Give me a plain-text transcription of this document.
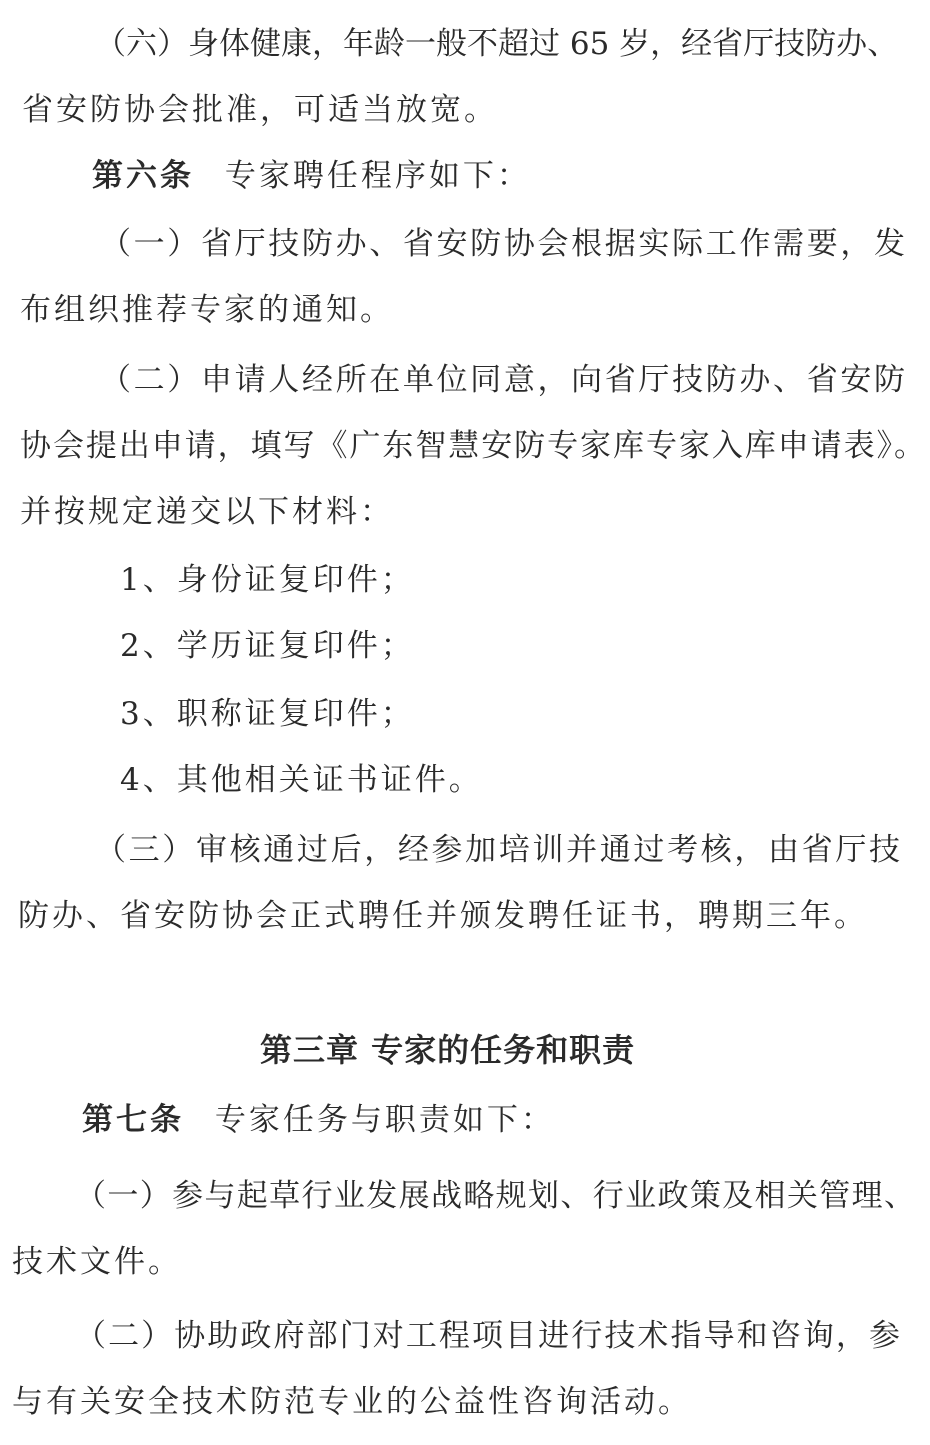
（六）身体健康，年龄一般不超过 65 岁，经省厅技防办、
省安防协会批准，可适当放宽。
第六条 专家聘任程序如下：
（一）省厅技防办、省安防协会根据实际工作需要，发
布组织推荐专家的通知。
（二）申请人经所在单位同意，向省厅技防办、省安防
协会提出申请，填写《广东智慧安防专家库专家入库申请表》。
并按规定递交以下材料：
1、身份证复印件；
2、学历证复印件；
3、职称证复印件；
4、其他相关证书证件。
（三）审核通过后，经参加培训并通过考核，由省厅技
防办、省安防协会正式聘任并颁发聘任证书，聘期三年。
第三章 专家的任务和职责
第七条 专家任务与职责如下：
（一）参与起草行业发展战略规划、行业政策及相关管理、
技术文件。
（二）协助政府部门对工程项目进行技术指导和咨询，参
与有关安全技术防范专业的公益性咨询活动。
